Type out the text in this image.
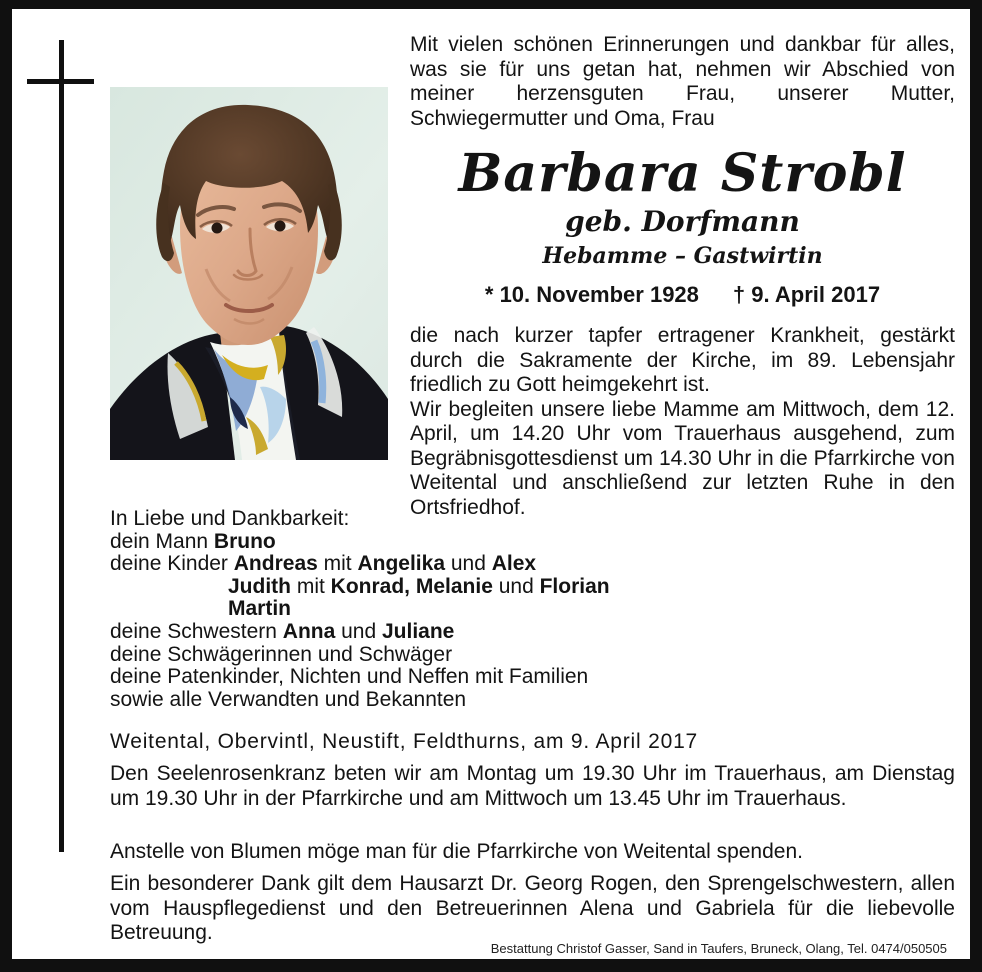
Mit vielen schönen Erinnerungen und dankbar für alles, was sie für uns getan hat, nehmen wir Abschied von meiner herzensguten Frau, unserer Mutter, Schwiegermutter und Oma, Frau
Barbara Strobl
geb. Dorfmann
Hebamme – Gastwirtin
* 10. November 1928 † 9. April 2017

die nach kurzer tapfer ertragener Krankheit, gestärkt durch die Sakramente der Kirche, im 89. Lebensjahr friedlich zu Gott heimgekehrt ist.

Wir begleiten unsere liebe Mamme am Mittwoch, dem 12. April, um 14.20 Uhr vom Trauerhaus ausgehend, zum Begräbnisgottesdienst um 14.30 Uhr in die Pfarrkirche von Weitental und anschließend zur letzten Ruhe in den Ortsfriedhof.

In Liebe und Dankbarkeit:
dein Mann Bruno
deine Kinder Andreas mit Angelika und Alex
Judith mit Konrad, Melanie und Florian
Martin
deine Schwestern Anna und Juliane
deine Schwägerinnen und Schwäger
deine Patenkinder, Nichten und Neffen mit Familien
sowie alle Verwandten und Bekannten
Weitental, Obervintl, Neustift, Feldthurns, am 9. April 2017
Den Seelenrosenkranz beten wir am Montag um 19.30 Uhr im Trauerhaus, am Dienstag um 19.30 Uhr in der Pfarrkirche und am Mittwoch um 13.45 Uhr im Trauerhaus.
Anstelle von Blumen möge man für die Pfarrkirche von Weitental spenden.
Ein besonderer Dank gilt dem Hausarzt Dr. Georg Rogen, den Sprengelschwestern, allen vom Hauspflegedienst und den Betreuerinnen Alena und Gabriela für die liebevolle Betreuung.
Bestattung Christof Gasser, Sand in Taufers, Bruneck, Olang, Tel. 0474/050505
